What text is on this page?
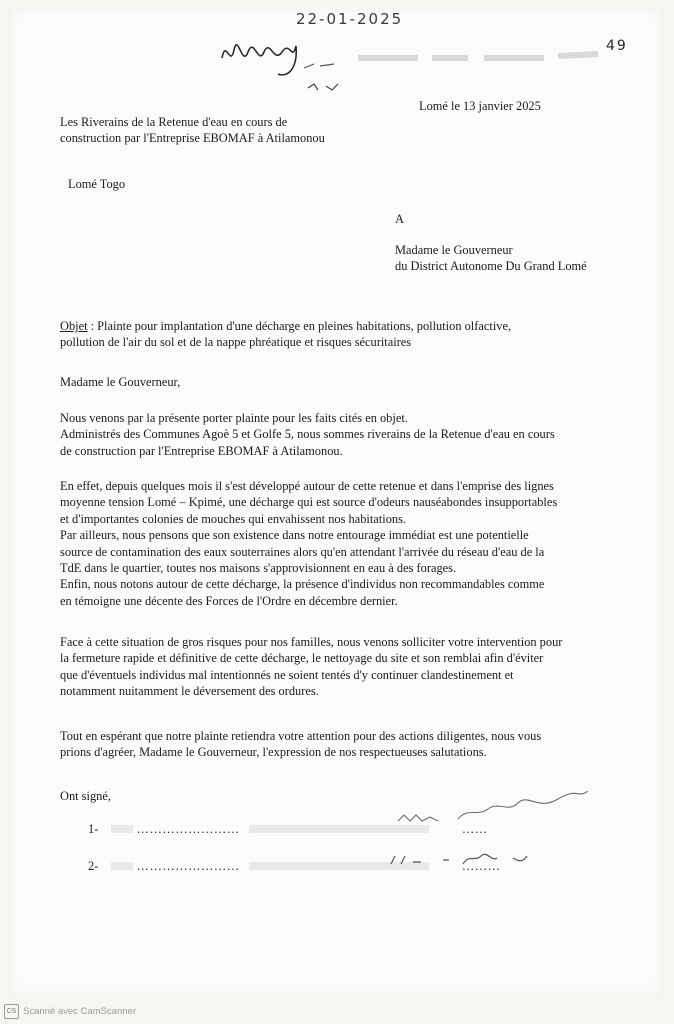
22-01-2025
49
Lomé le 13 janvier 2025
Les Riverains de la Retenue d'eau en cours de
construction par l'Entreprise EBOMAF à Atilamonou
Lomé Togo
A
Madame le Gouverneur
du District Autonome Du Grand Lomé
Objet : Plainte pour implantation d'une décharge en pleines habitations, pollution olfactive,
pollution de l'air du sol et de la nappe phréatique et risques sécuritaires
Madame le Gouverneur,
Nous venons par la présente porter plainte pour les faits cités en objet.
Administrés des Communes Agoè 5 et Golfe 5, nous sommes riverains de la Retenue d'eau en cours
de construction par l'Entreprise EBOMAF à Atilamonou.
En effet, depuis quelques mois il s'est développé autour de cette retenue et dans l'emprise des lignes
moyenne tension Lomé – Kpimé, une décharge qui est source d'odeurs nauséabondes insupportables
et d'importantes colonies de mouches qui envahissent nos habitations.
Par ailleurs, nous pensons que son existence dans notre entourage immédiat est une potentielle
source de contamination des eaux souterraines alors qu'en attendant l'arrivée du réseau d'eau de la
TdE dans le quartier, toutes nos maisons s'approvisionnent en eau à des forages.
Enfin, nous notons autour de cette décharge, la présence d'individus non recommandables comme
en témoigne une décente des Forces de l'Ordre en décembre dernier.
Face à cette situation de gros risques pour nos familles, nous venons solliciter votre intervention pour
la fermeture rapide et définitive de cette décharge, le nettoyage du site et son remblai afin d'éviter
que d'éventuels individus mal intentionnés ne soient tentés d'y continuer clandestinement et
notamment nuitamment le déversement des ordures.
Tout en espérant que notre plainte retiendra votre attention pour des actions diligentes, nous vous
prions d'agréer, Madame le Gouverneur, l'expression de nos respectueuses salutations.
Ont signé,
1-	……………………	……
2-	……………………	………
CS Scanné avec CamScanner
